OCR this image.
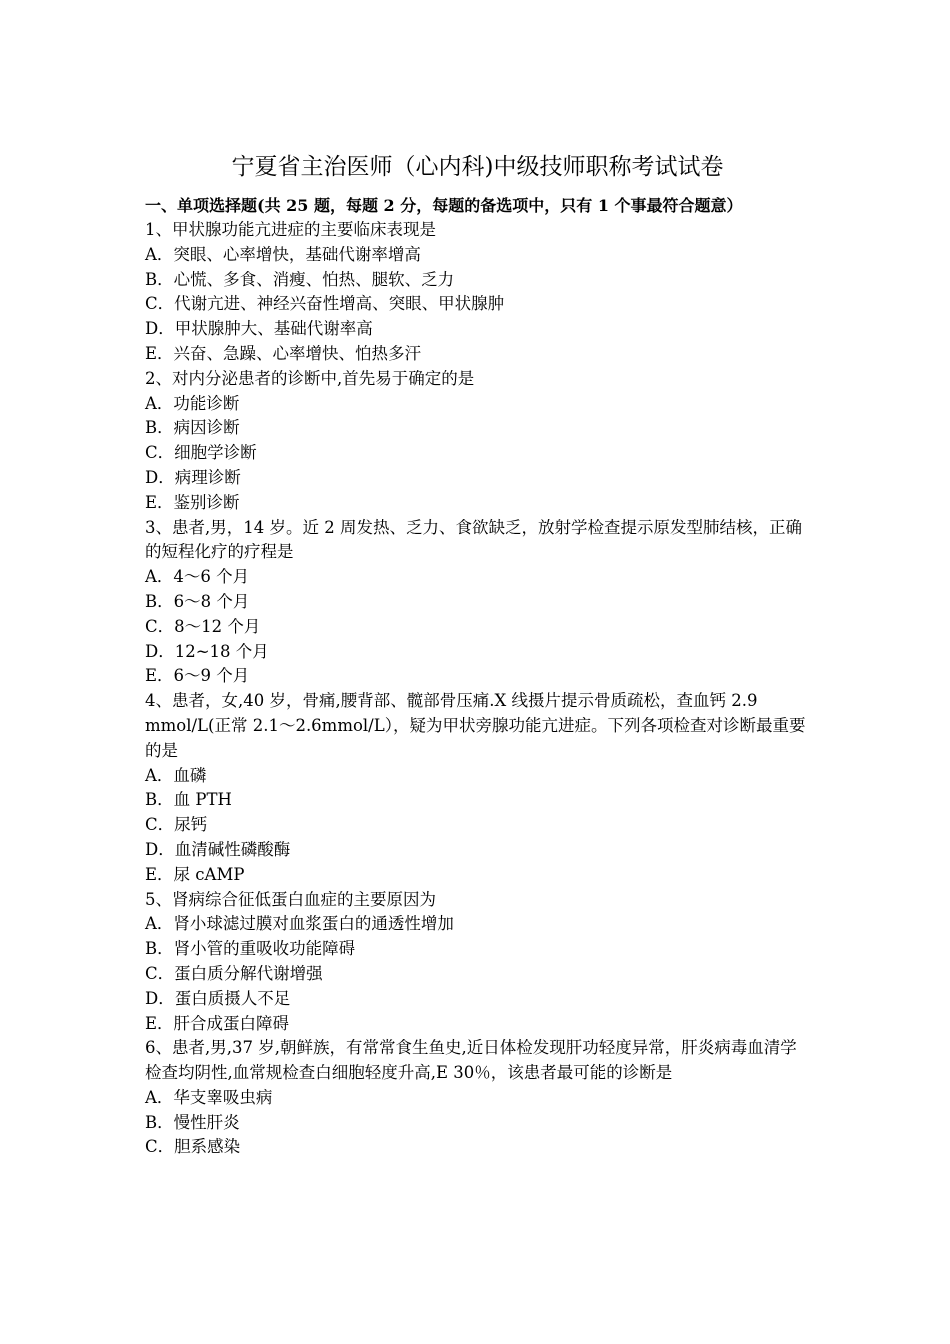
宁夏省主治医师（心内科)中级技师职称考试试卷

一、单项选择题(共 25 题，每题 2 分，每题的备选项中，只有 1 个事最符合题意）

1、甲状腺功能亢进症的主要临床表现是

A．突眼、心率增快，基础代谢率增高

B．心慌、多食、消瘦、怕热、腿软、乏力

C．代谢亢进、神经兴奋性增高、突眼、甲状腺肿

D．甲状腺肿大、基础代谢率高

E．兴奋、急躁、心率增快、怕热多汗

2、对内分泌患者的诊断中,首先易于确定的是

A．功能诊断

B．病因诊断

C．细胞学诊断

D．病理诊断

E．鉴别诊断

3、患者,男，14 岁。近 2 周发热、乏力、食欲缺乏，放射学检查提示原发型肺结核，正确的短程化疗的疗程是

A．4～6 个月

B．6～8 个月

C．8～12 个月

D．12~18 个月

E．6～9 个月

4、患者，女,40 岁，骨痛,腰背部、髋部骨压痛.X 线摄片提示骨质疏松，查血钙 2.9 mmol/L(正常 2.1～2.6mmol/L），疑为甲状旁腺功能亢进症。下列各项检查对诊断最重要的是

A．血磷

B．血 PTH

C．尿钙

D．血清碱性磷酸酶

E．尿 cAMP

5、肾病综合征低蛋白血症的主要原因为

A．肾小球滤过膜对血浆蛋白的通透性增加

B．肾小管的重吸收功能障碍

C．蛋白质分解代谢增强

D．蛋白质摄人不足

E．肝合成蛋白障碍

6、患者,男,37 岁,朝鲜族，有常常食生鱼史,近日体检发现肝功轻度异常，肝炎病毒血清学检查均阴性,血常规检查白细胞轻度升高,E 30％，该患者最可能的诊断是

A．华支睾吸虫病

B．慢性肝炎

C．胆系感染
